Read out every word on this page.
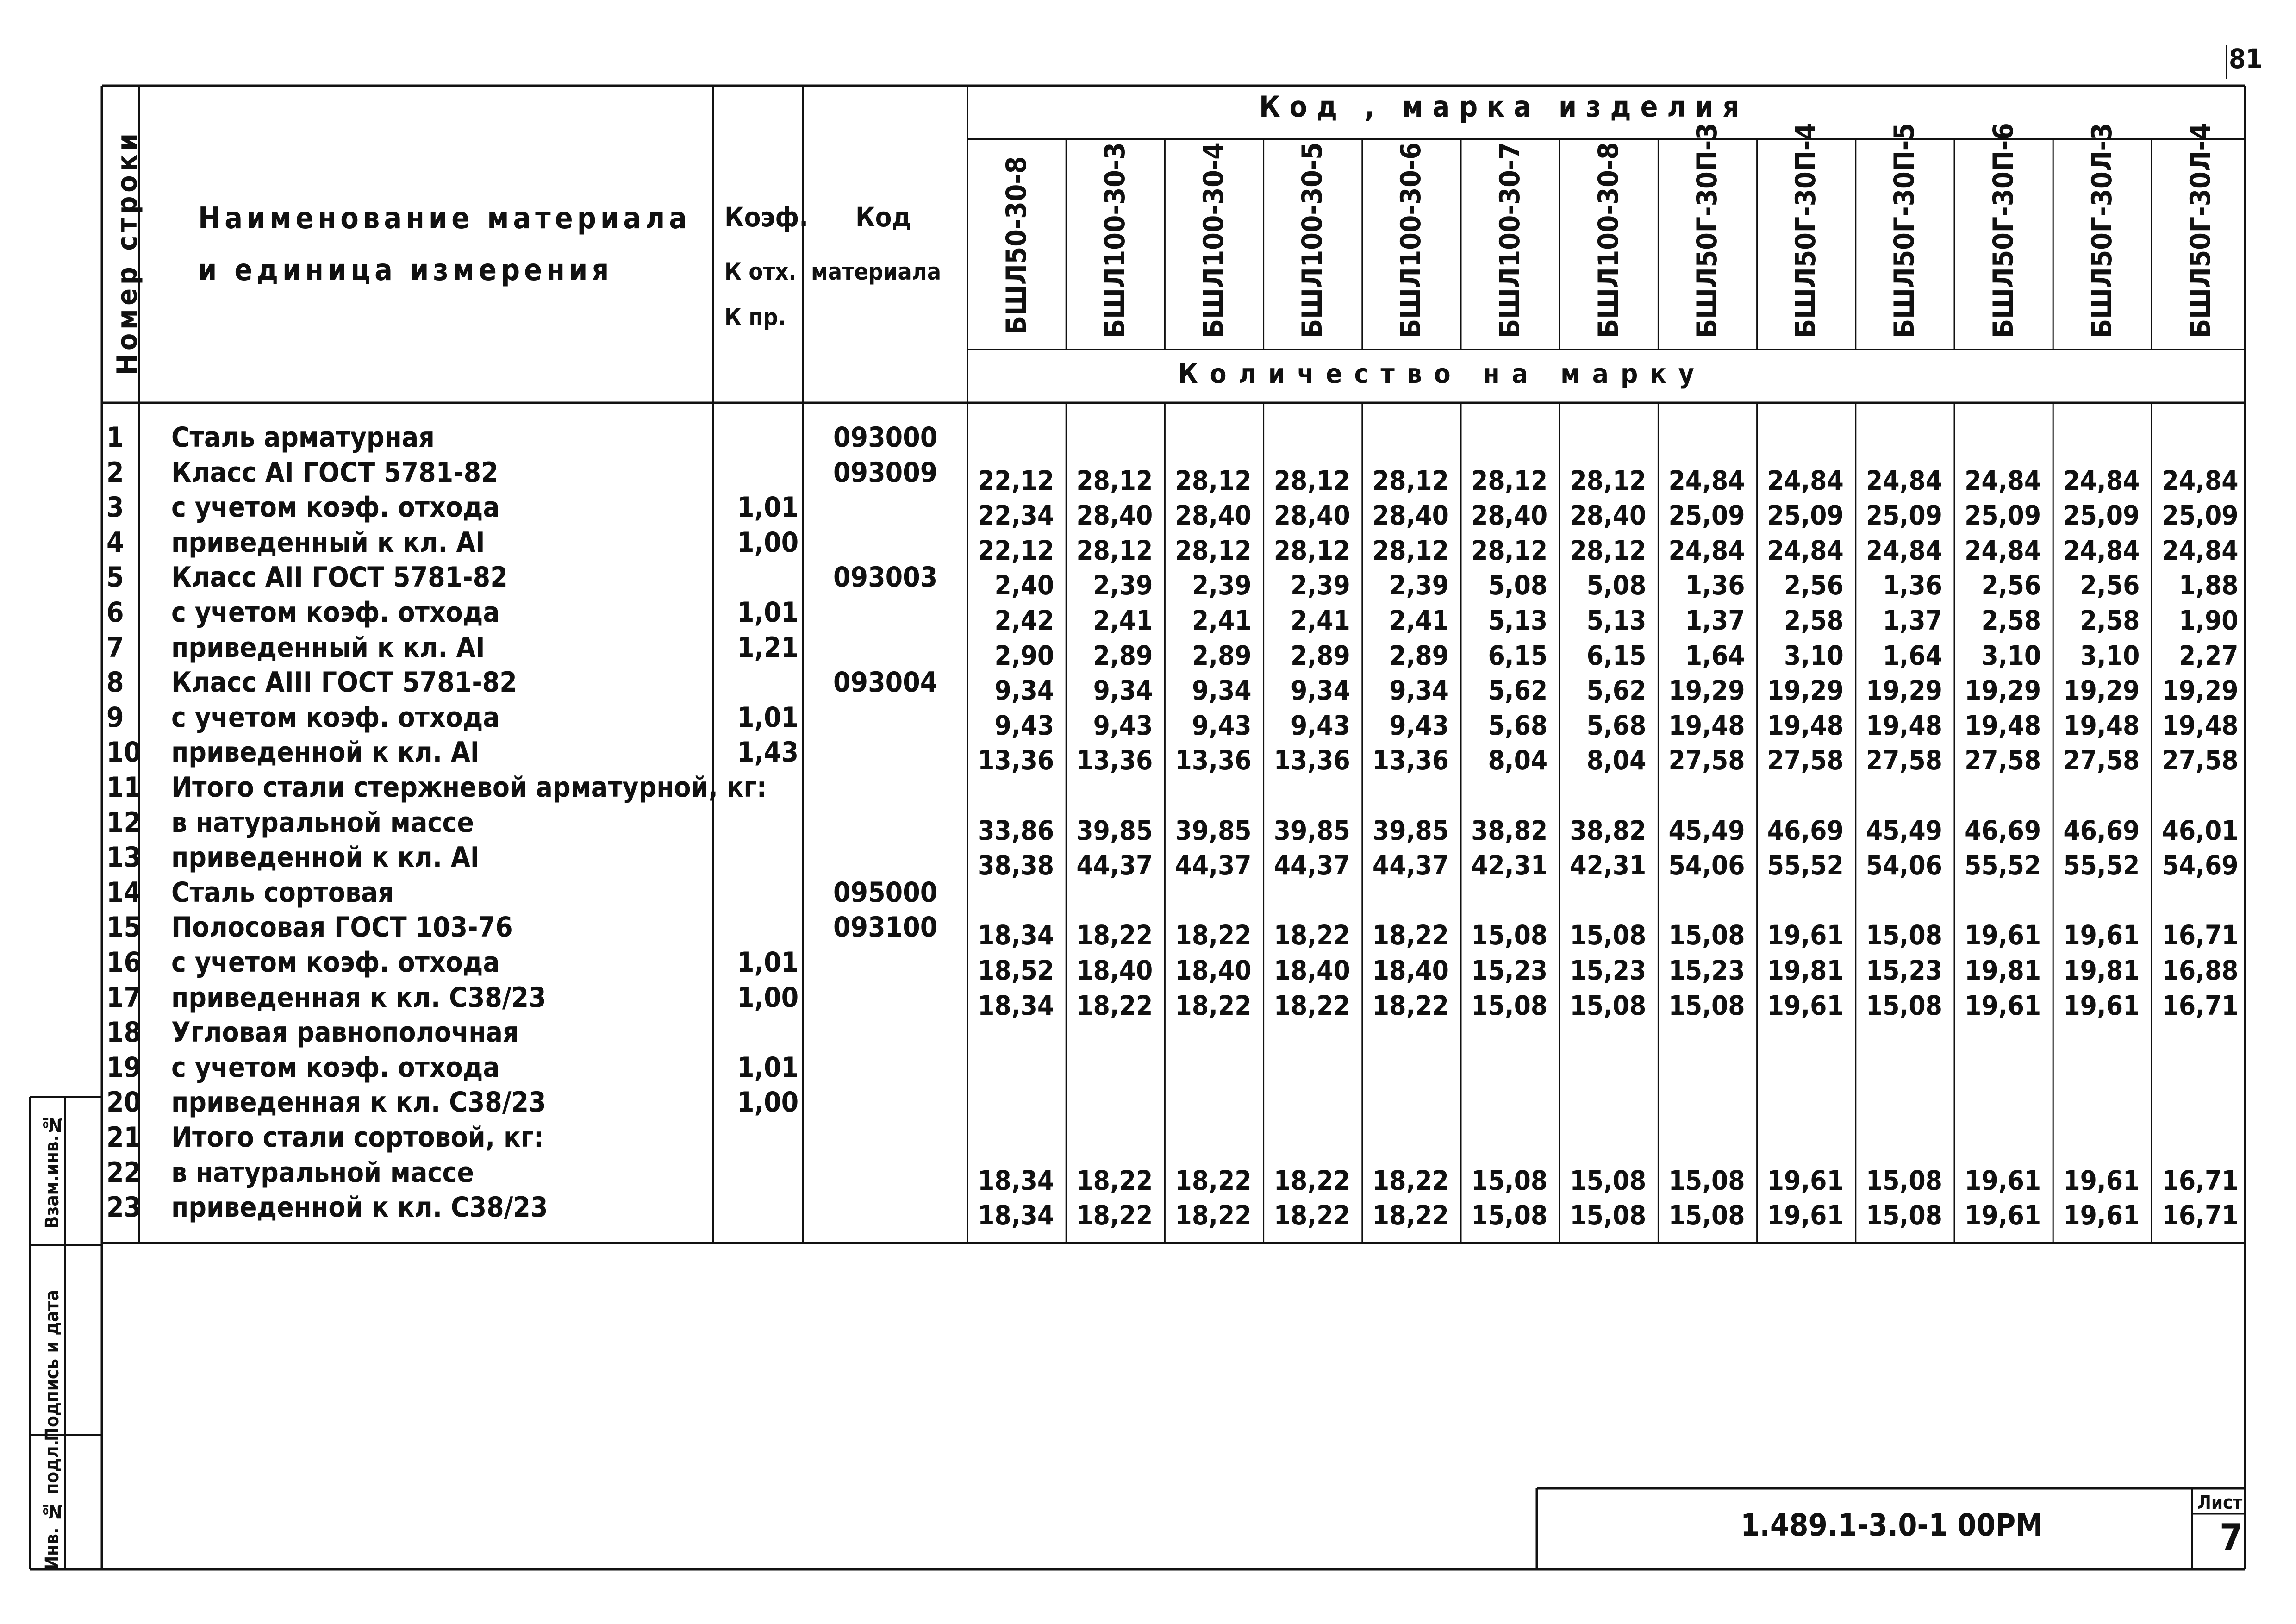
81
Номер строки Наименование материала
и единица измерения
Коэф.
К отх.
К пр.
Код
материала
Код , марка изделия
Количество на марку
БШЛ50-30-8 БШЛ100-30-3 БШЛ100-30-4 БШЛ100-30-5 БШЛ100-30-6 БШЛ100-30-7 БШЛ100-30-8 БШЛ50Г-30П-3 БШЛ50Г-30П-4 БШЛ50Г-30П-5 БШЛ50Г-30П-6 БШЛ50Г-30Л-3 БШЛ50Г-30Л-4
1 Сталь арматурная	093000
2 Класс АI ГОСТ 5781-82	093009 22,12 28,12 28,12 28,12 28,12 28,12 28,12 24,84 24,84 24,84 24,84 24,84 24,84
3 с учетом коэф. отхода	1,01	22,34 28,40 28,40 28,40 28,40 28,40 28,40 25,09 25,09 25,09 25,09 25,09 25,09
4 приведенный к кл. АI	1,00	22,12 28,12 28,12 28,12 28,12 28,12 28,12 24,84 24,84 24,84 24,84 24,84 24,84
5 Класс АII ГОСТ 5781-82	093003	2,40	2,39	2,39	2,39	2,39	5,08	5,08	1,36	2,56	1,36	2,56	2,56	1,88
6 с учетом коэф. отхода	1,01	2,42	2,41	2,41	2,41	2,41	5,13	5,13	1,37	2,58	1,37	2,58	2,58	1,90
7 приведенный к кл. АI	1,21	2,90	2,89	2,89	2,89	2,89	6,15	6,15	1,64	3,10	1,64	3,10	3,10	2,27
8 Класс АIII ГОСТ 5781-82	093004	9,34	9,34	9,34	9,34	9,34	5,62	5,62 19,29 19,29 19,29 19,29 19,29 19,29
9 с учетом коэф. отхода	1,01	9,43	9,43	9,43	9,43	9,43	5,68	5,68 19,48 19,48 19,48 19,48 19,48 19,48
10 приведенной к кл. АI	1,43	13,36 13,36 13,36 13,36 13,36	8,04	8,04 27,58 27,58 27,58 27,58 27,58 27,58
11 Итого стали стержневой арматурной, кг:
12 в натуральной массе	33,86 39,85 39,85 39,85 39,85 38,82 38,82 45,49 46,69 45,49 46,69 46,69 46,01
13 приведенной к кл. АI	38,38 44,37 44,37 44,37 44,37 42,31 42,31 54,06 55,52 54,06 55,52 55,52 54,69
14 Сталь сортовая	095000
15 Полосовая ГОСТ 103-76	093100 18,34 18,22 18,22 18,22 18,22 15,08 15,08 15,08 19,61 15,08 19,61 19,61 16,71
16 с учетом коэф. отхода	1,01	18,52 18,40 18,40 18,40 18,40 15,23 15,23 15,23 19,81 15,23 19,81 19,81 16,88
17 приведенная к кл. С38/23	1,00	18,34 18,22 18,22 18,22 18,22 15,08 15,08 15,08 19,61 15,08 19,61 19,61 16,71
18 Угловая равнополочная
19 с учетом коэф. отхода	1,01
20 приведенная к кл. С38/23	1,00
21 Итого стали сортовой, кг:
22 в натуральной массе	18,34 18,22 18,22 18,22 18,22 15,08 15,08 15,08 19,61 15,08 19,61 19,61 16,71
23 приведенной к кл. С38/23	18,34 18,22 18,22 18,22 18,22 15,08 15,08 15,08 19,61 15,08 19,61 19,61 16,71
Взам.инв.№
Подпись и дата
Инв. № подл.	1.489.1-3.0-1 00РМ
Лист
7
